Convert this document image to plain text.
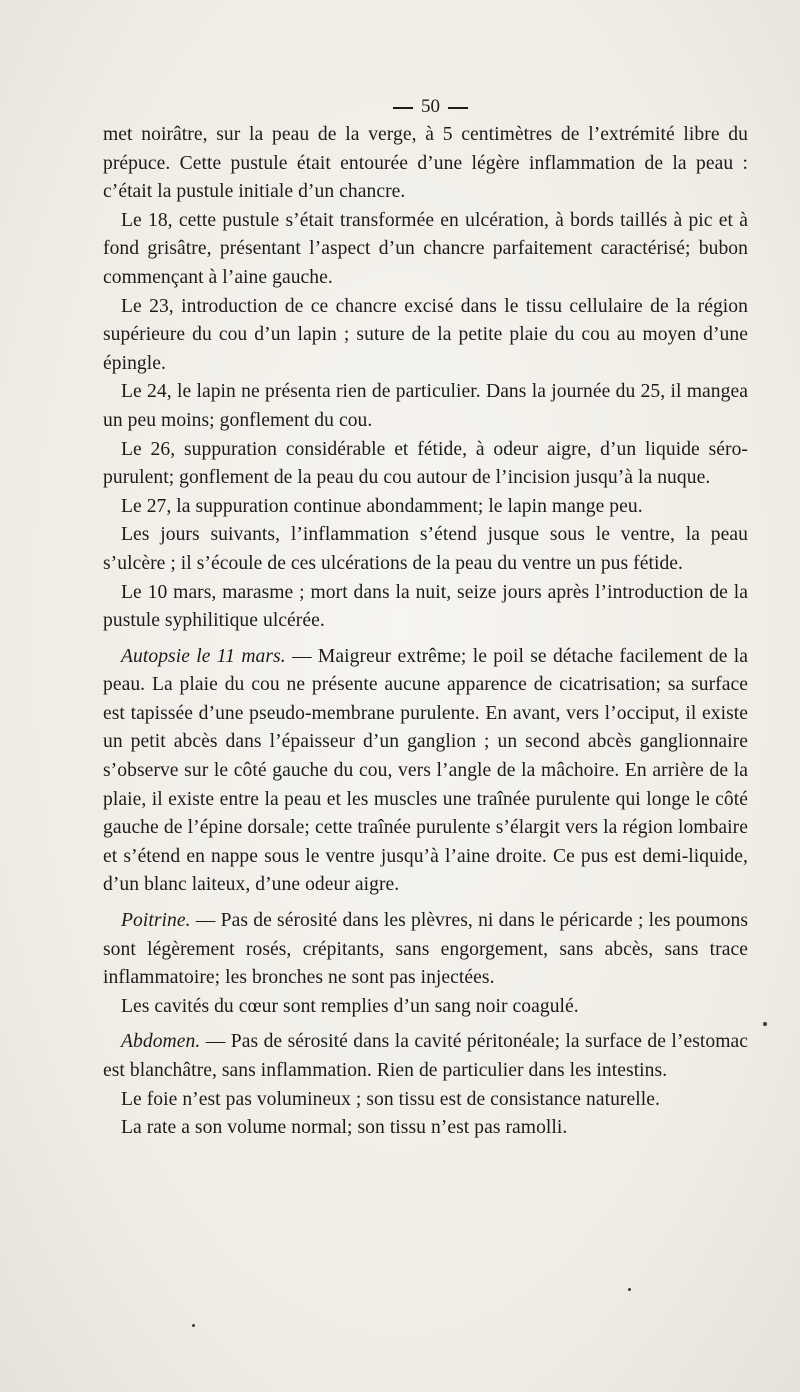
50

met noirâtre, sur la peau de la verge, à 5 centimètres de l’extrémité libre du prépuce. Cette pustule était entourée d’une légère inflammation de la peau : c’était la pustule initiale d’un chancre.

Le 18, cette pustule s’était transformée en ulcération, à bords taillés à pic et à fond grisâtre, présentant l’aspect d’un chancre parfaitement caractérisé; bubon commençant à l’aine gauche.

Le 23, introduction de ce chancre excisé dans le tissu cellulaire de la région supérieure du cou d’un lapin ; suture de la petite plaie du cou au moyen d’une épingle.

Le 24, le lapin ne présenta rien de particulier. Dans la journée du 25, il mangea un peu moins; gonflement du cou.

Le 26, suppuration considérable et fétide, à odeur aigre, d’un liquide séro-purulent; gonflement de la peau du cou autour de l’incision jusqu’à la nuque.

Le 27, la suppuration continue abondamment; le lapin mange peu.

Les jours suivants, l’inflammation s’étend jusque sous le ventre, la peau s’ulcère ; il s’écoule de ces ulcérations de la peau du ventre un pus fétide.

Le 10 mars, marasme ; mort dans la nuit, seize jours après l’introduction de la pustule syphilitique ulcérée.

Autopsie le 11 mars. — Maigreur extrême; le poil se détache facilement de la peau. La plaie du cou ne présente aucune apparence de cicatrisation; sa surface est tapissée d’une pseudo-membrane purulente. En avant, vers l’occiput, il existe un petit abcès dans l’épaisseur d’un ganglion ; un second abcès ganglionnaire s’observe sur le côté gauche du cou, vers l’angle de la mâchoire. En arrière de la plaie, il existe entre la peau et les muscles une traînée purulente qui longe le côté gauche de l’épine dorsale; cette traînée purulente s’élargit vers la région lombaire et s’étend en nappe sous le ventre jusqu’à l’aine droite. Ce pus est demi-liquide, d’un blanc laiteux, d’une odeur aigre.

Poitrine. — Pas de sérosité dans les plèvres, ni dans le péricarde ; les poumons sont légèrement rosés, crépitants, sans engorgement, sans abcès, sans trace inflammatoire; les bronches ne sont pas injectées.

Les cavités du cœur sont remplies d’un sang noir coagulé.

Abdomen. — Pas de sérosité dans la cavité péritonéale; la surface de l’estomac est blanchâtre, sans inflammation. Rien de particulier dans les intestins.

Le foie n’est pas volumineux ; son tissu est de consistance naturelle.

La rate a son volume normal; son tissu n’est pas ramolli.
